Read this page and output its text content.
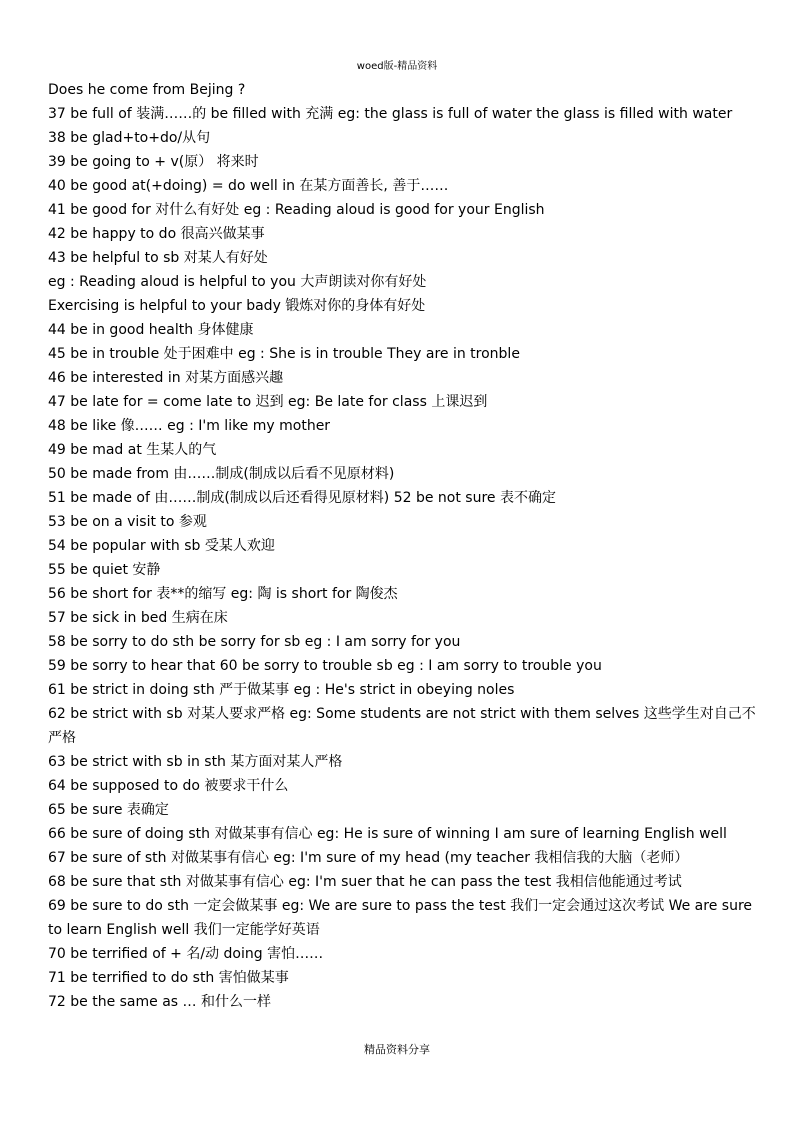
woed版-精品资料
Does he come from Bejing ?
37 be full of 装满……的 be filled with 充满 eg: the glass is full of water the glass is filled with water
38 be glad+to+do/从句
39 be going to + v(原） 将来时
40 be good at(+doing) = do well in 在某方面善长, 善于……
41 be good for 对什么有好处 eg : Reading aloud is good for your English
42 be happy to do 很高兴做某事
43 be helpful to sb 对某人有好处
eg : Reading aloud is helpful to you 大声朗读对你有好处
Exercising is helpful to your bady 锻炼对你的身体有好处
44 be in good health 身体健康
45 be in trouble 处于困难中 eg : She is in trouble They are in tronble
46 be interested in 对某方面感兴趣
47 be late for = come late to 迟到 eg: Be late for class 上课迟到
48 be like 像…… eg : I'm like my mother
49 be mad at 生某人的气
50 be made from 由……制成(制成以后看不见原材料)
51 be made of 由……制成(制成以后还看得见原材料) 52 be not sure 表不确定
53 be on a visit to 参观
54 be popular with sb 受某人欢迎
55 be quiet 安静
56 be short for 表**的缩写 eg: 陶 is short for 陶俊杰
57 be sick in bed 生病在床
58 be sorry to do sth be sorry for sb eg : I am sorry for you
59 be sorry to hear that 60 be sorry to trouble sb eg : I am sorry to trouble you
61 be strict in doing sth 严于做某事 eg : He's strict in obeying noles
62 be strict with sb 对某人要求严格 eg: Some students are not strict with them selves 这些学生对自己不严格
63 be strict with sb in sth 某方面对某人严格
64 be supposed to do 被要求干什么
65 be sure 表确定
66 be sure of doing sth 对做某事有信心 eg: He is sure of winning I am sure of learning English well
67 be sure of sth 对做某事有信心 eg: I'm sure of my head (my teacher 我相信我的大脑（老师）
68 be sure that sth 对做某事有信心 eg: I'm suer that he can pass the test 我相信他能通过考试
69 be sure to do sth 一定会做某事 eg: We are sure to pass the test 我们一定会通过这次考试 We are sure to learn English well 我们一定能学好英语
70 be terrified of + 名/动 doing 害怕……
71 be terrified to do sth 害怕做某事
72 be the same as … 和什么一样
精品资料分享
